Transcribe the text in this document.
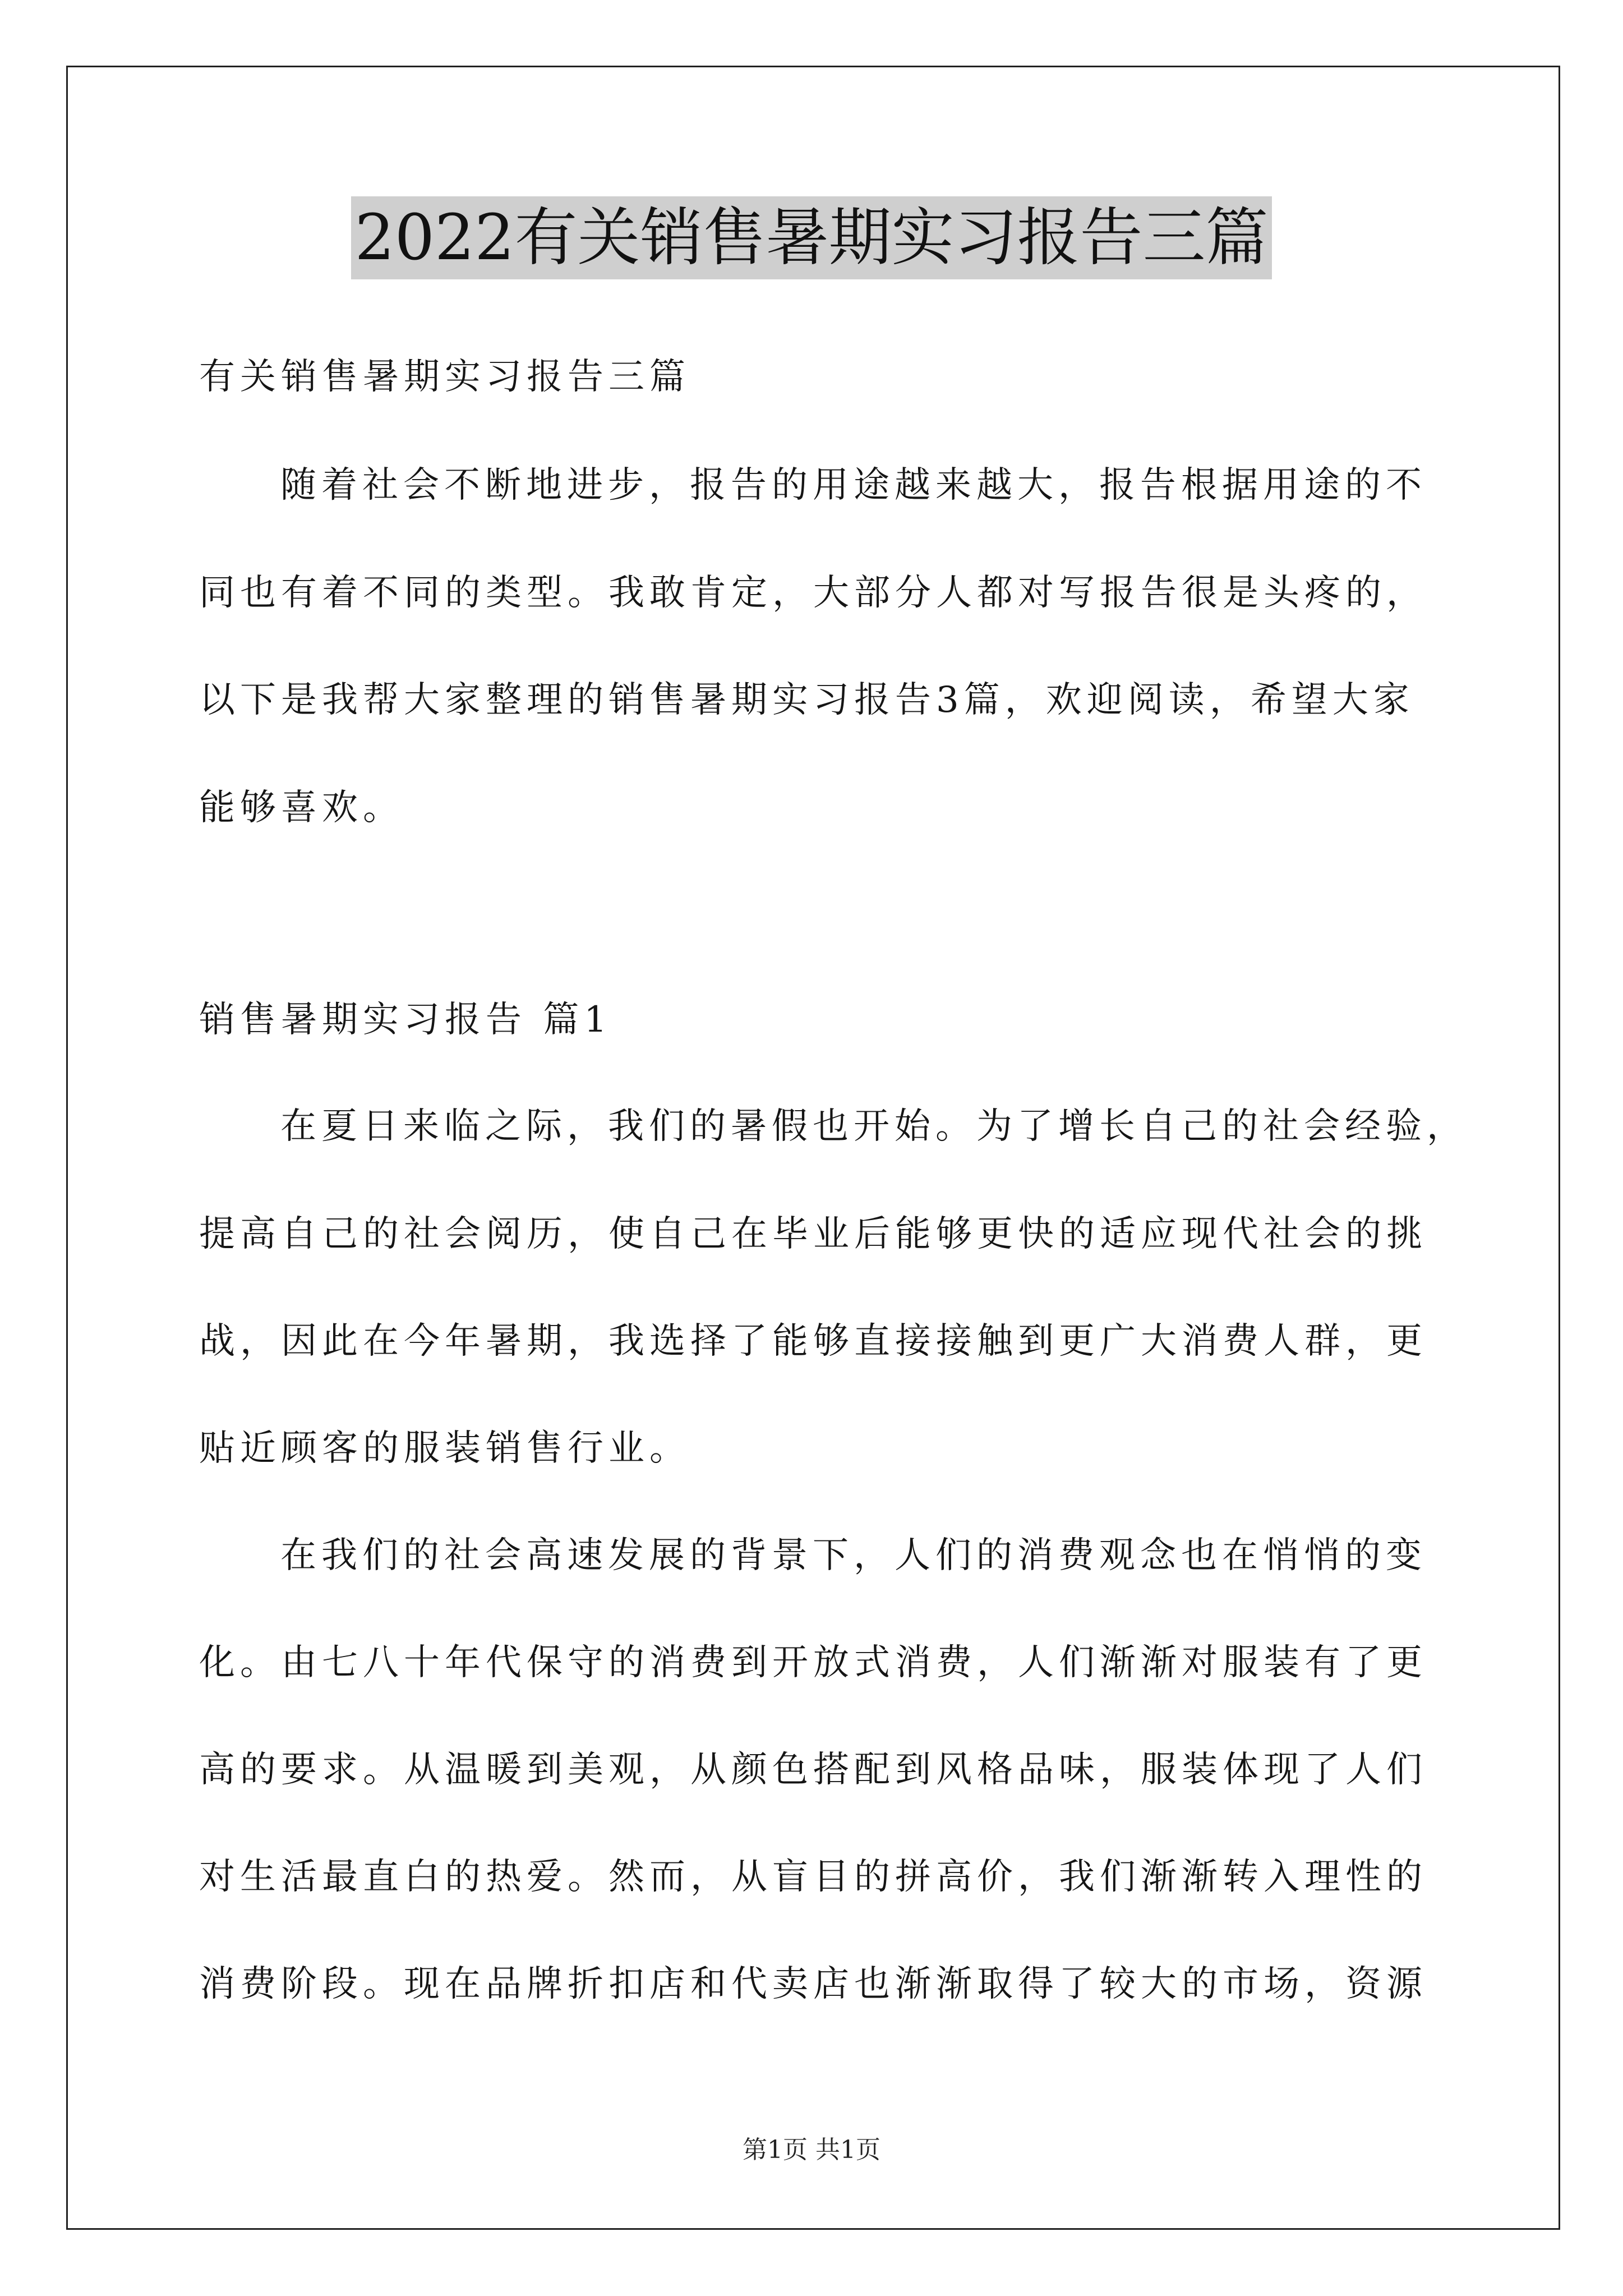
2022有关销售暑期实习报告三篇
有关销售暑期实习报告三篇
随着社会不断地进步，报告的用途越来越大，报告根据用途的不
同也有着不同的类型。我敢肯定，大部分人都对写报告很是头疼的，
以下是我帮大家整理的销售暑期实习报告3篇，欢迎阅读，希望大家
能够喜欢。
销售暑期实习报告 篇1
在夏日来临之际，我们的暑假也开始。为了增长自己的社会经验，
提高自己的社会阅历，使自己在毕业后能够更快的适应现代社会的挑
战，因此在今年暑期，我选择了能够直接接触到更广大消费人群，更
贴近顾客的服装销售行业。
在我们的社会高速发展的背景下，人们的消费观念也在悄悄的变
化。由七八十年代保守的消费到开放式消费，人们渐渐对服装有了更
高的要求。从温暖到美观，从颜色搭配到风格品味，服装体现了人们
对生活最直白的热爱。然而，从盲目的拼高价，我们渐渐转入理性的
消费阶段。现在品牌折扣店和代卖店也渐渐取得了较大的市场，资源
第1页 共1页
